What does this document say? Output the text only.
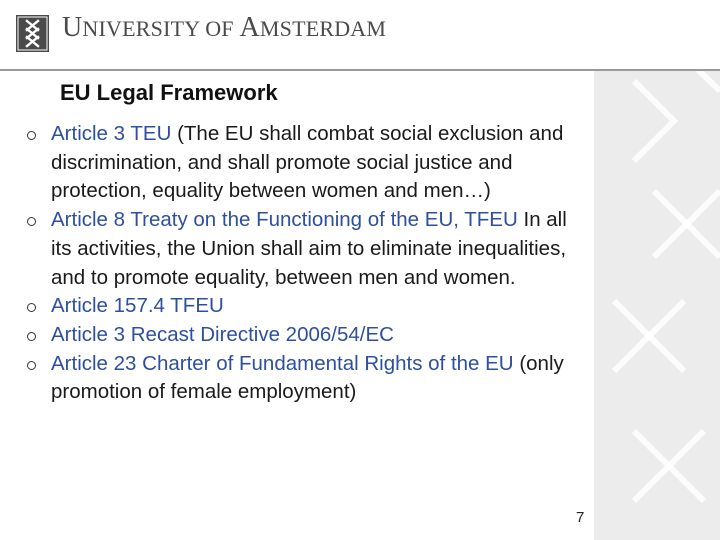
UNIVERSITY OF AMSTERDAM
EU Legal Framework
Article 3 TEU (The EU shall combat social exclusion and discrimination, and shall promote social justice and protection, equality between women and men…)
Article 8 Treaty on the Functioning of the EU, TFEU In all its activities, the Union shall aim to eliminate inequalities, and to promote equality, between men and women.
Article 157.4 TFEU
Article 3 Recast Directive 2006/54/EC
Article 23 Charter of Fundamental Rights of the EU (only promotion of female employment)
7
